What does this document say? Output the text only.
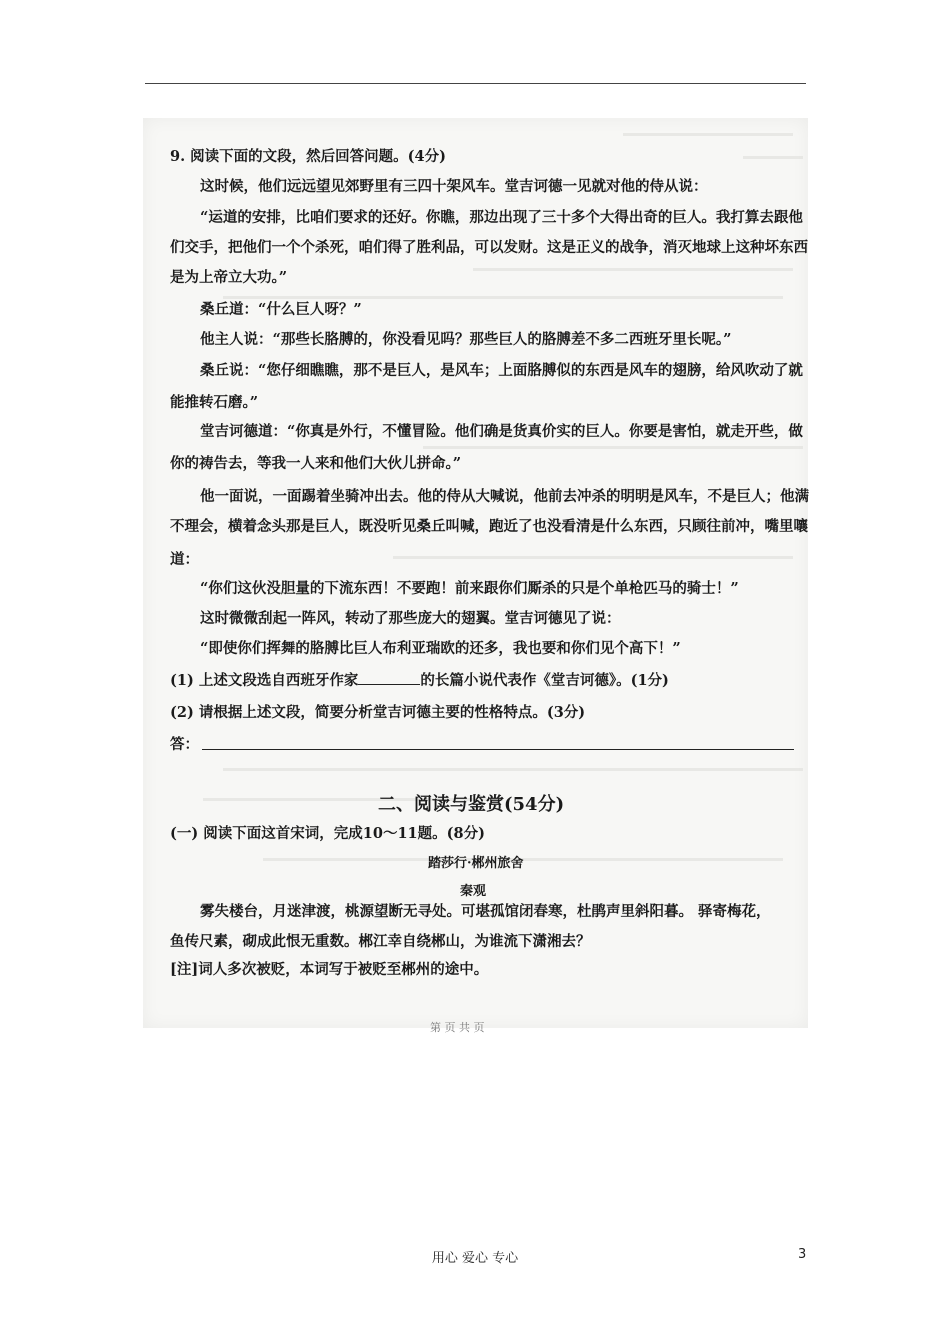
9. 阅读下面的文段，然后回答问题。(4分)
这时候，他们远远望见郊野里有三四十架风车。堂吉诃德一见就对他的侍从说：
“运道的安排，比咱们要求的还好。你瞧，那边出现了三十多个大得出奇的巨人。我打算去跟他
们交手，把他们一个个杀死，咱们得了胜利品，可以发财。这是正义的战争，消灭地球上这种坏东西
是为上帝立大功。”
桑丘道：“什么巨人呀？”
他主人说：“那些长胳膊的，你没看见吗？那些巨人的胳膊差不多二西班牙里长呢。”
桑丘说：“您仔细瞧瞧，那不是巨人，是风车；上面胳膊似的东西是风车的翅膀，给风吹动了就
能推转石磨。”
堂吉诃德道：“你真是外行，不懂冒险。他们确是货真价实的巨人。你要是害怕，就走开些，做
你的祷告去，等我一人来和他们大伙儿拼命。”
他一面说，一面踢着坐骑冲出去。他的侍从大喊说，他前去冲杀的明明是风车，不是巨人；他满
不理会，横着念头那是巨人，既没听见桑丘叫喊，跑近了也没看清是什么东西，只顾往前冲，嘴里嚷
道：
“你们这伙没胆量的下流东西！不要跑！前来跟你们厮杀的只是个单枪匹马的骑士！”
这时微微刮起一阵风，转动了那些庞大的翅翼。堂吉诃德见了说：
“即使你们挥舞的胳膊比巨人布利亚瑞欧的还多，我也要和你们见个高下！”
(1) 上述文段选自西班牙作家	的长篇小说代表作《堂吉诃德》。(1分)
(2) 请根据上述文段，简要分析堂吉诃德主要的性格特点。(3分)
答：
二、阅读与鉴赏(54分)
(一) 阅读下面这首宋词，完成10～11题。(8分)
踏莎行·郴州旅舍
秦观
雾失楼台，月迷津渡，桃源望断无寻处。可堪孤馆闭春寒，杜鹃声里斜阳暮。 驿寄梅花，
鱼传尺素，砌成此恨无重数。郴江幸自绕郴山，为谁流下潇湘去？
[注]词人多次被贬，本词写于被贬至郴州的途中。
第 页 共 页
用心 爱心 专心	3
